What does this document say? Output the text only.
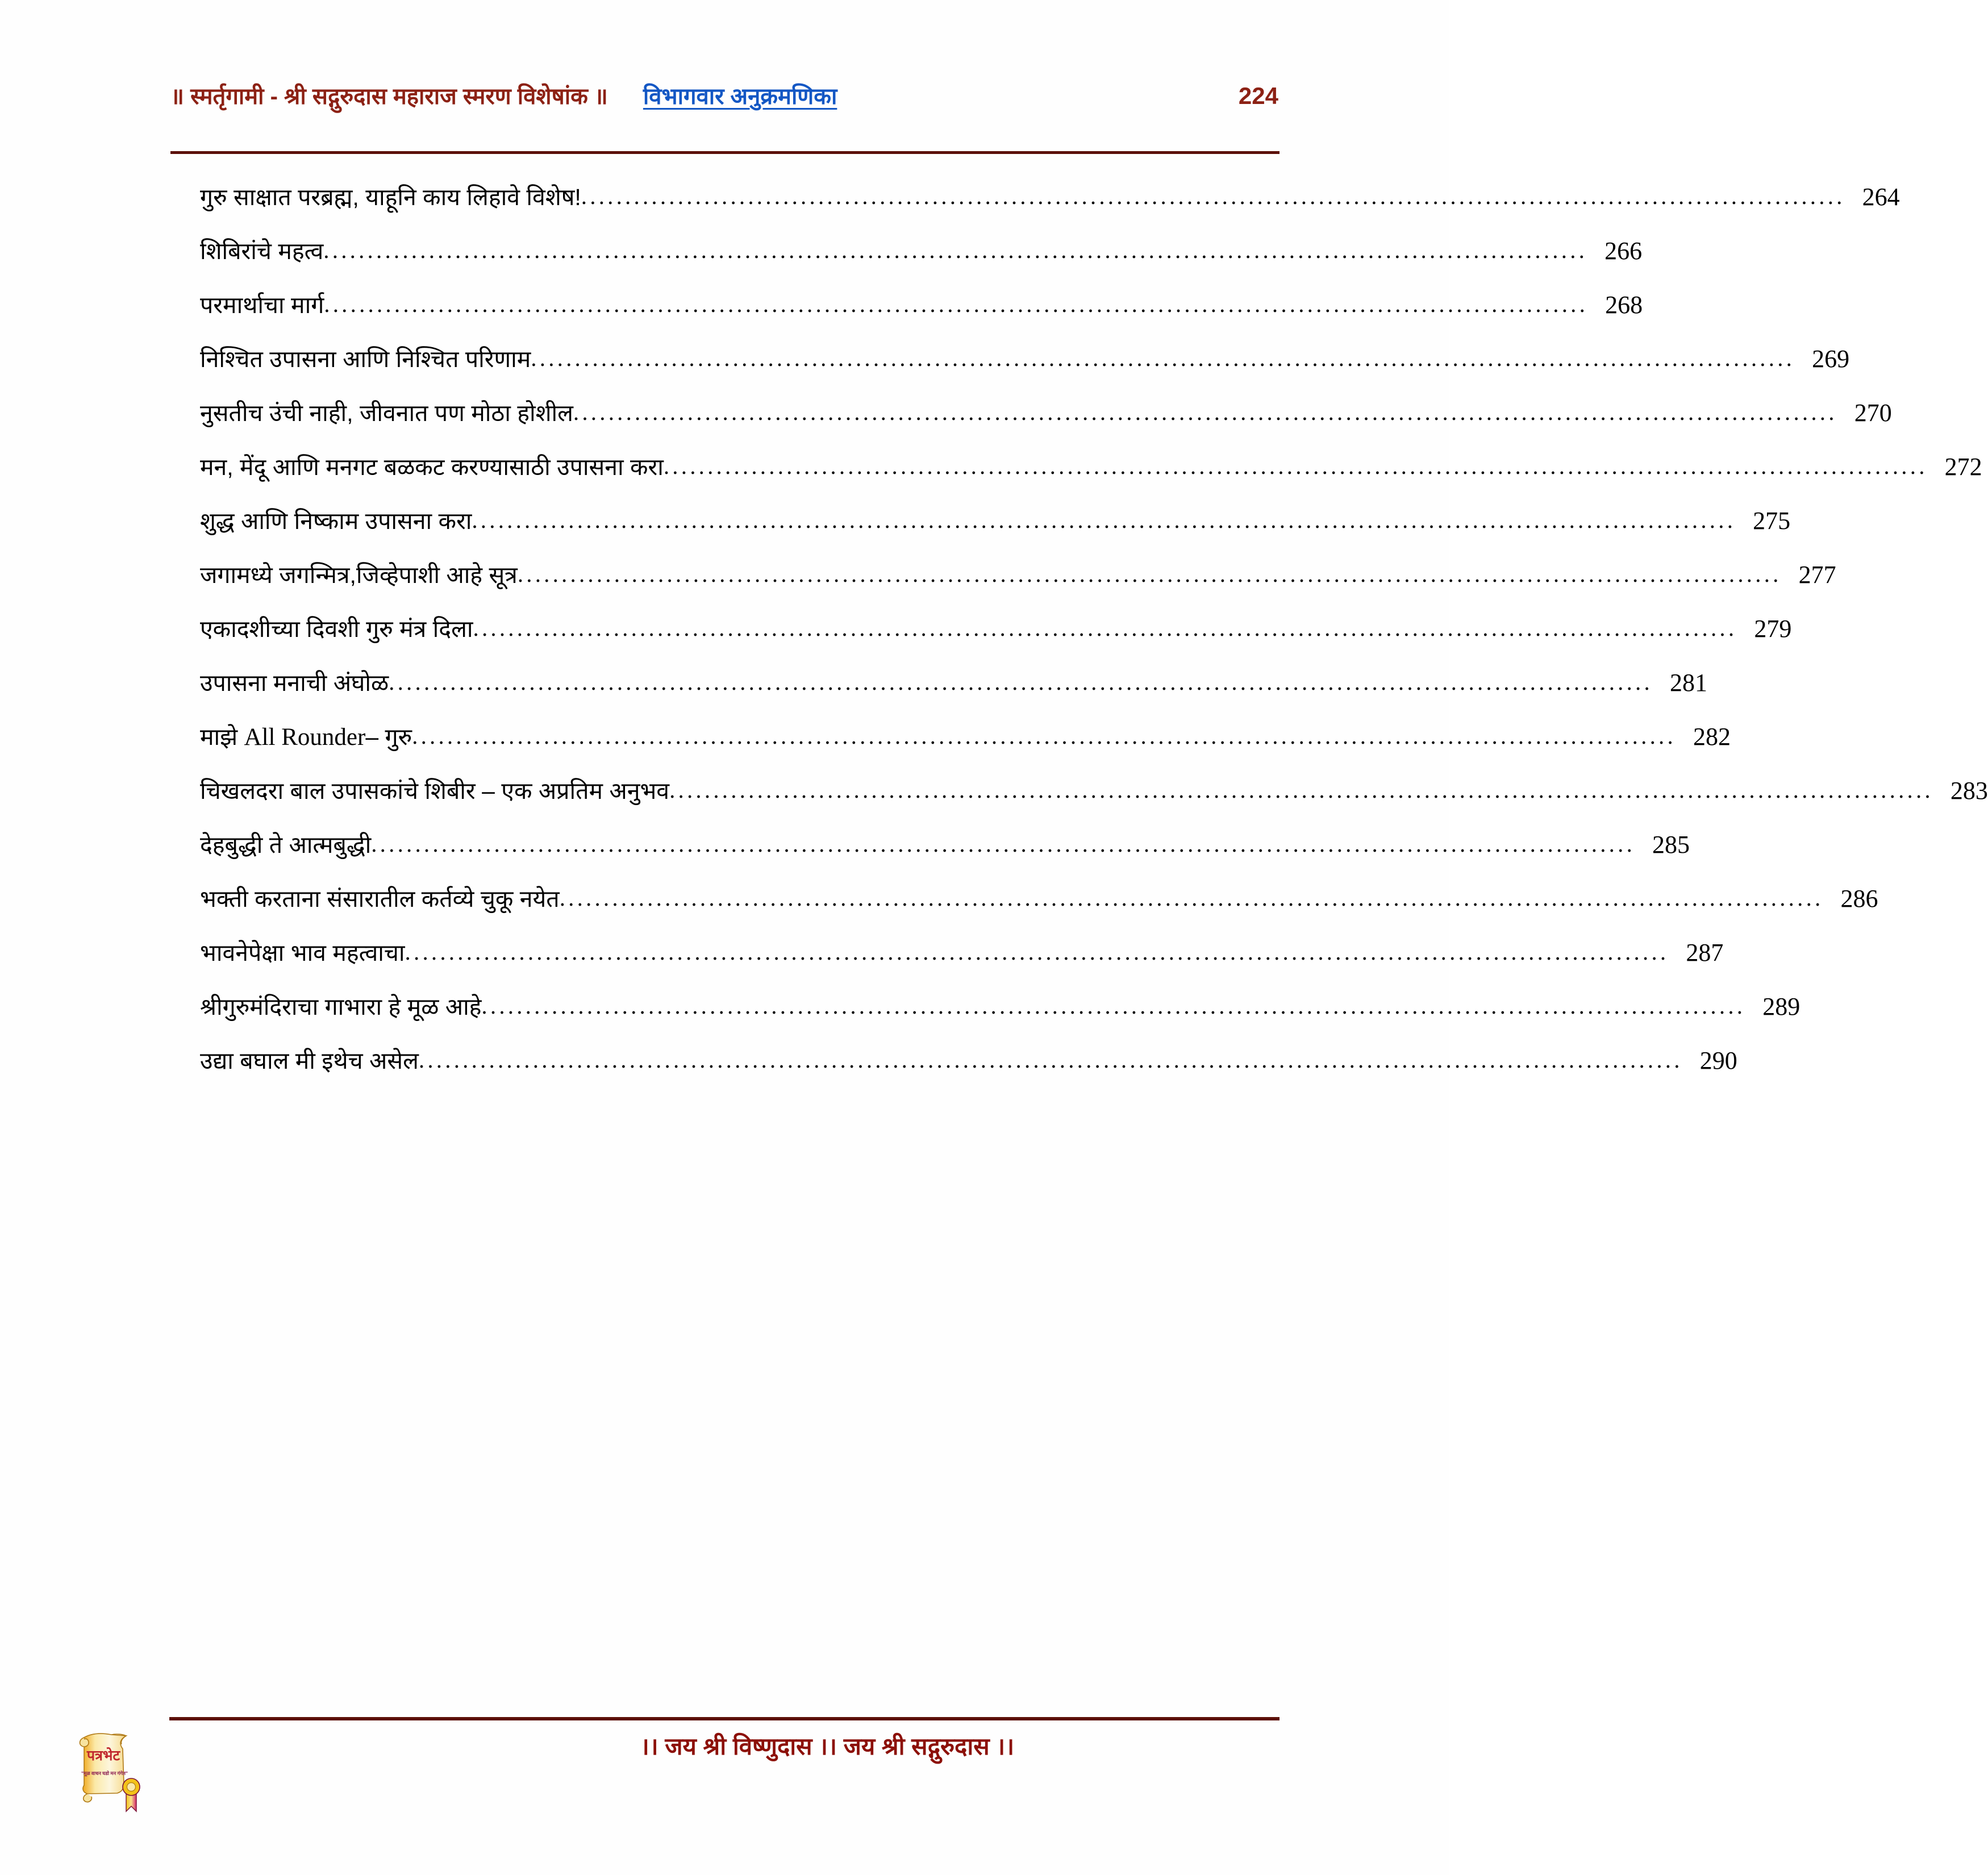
॥ स्मर्तृगामी - श्री सद्गुरुदास महाराज स्मरण विशेषांक ॥ विभागवार अनुक्रमणिका	224
गुरु साक्षात परब्रह्म, याहूनि काय लिहावे विशेष! ................................................................................................................................................ 264
शिबिरांचे महत्व ................................................................................................................................................ 266
परमार्थाचा मार्ग ................................................................................................................................................ 268
निश्चित उपासना आणि निश्चित परिणाम ................................................................................................................................................ 269
नुसतीच उंची नाही, जीवनात पण मोठा होशील ................................................................................................................................................ 270
मन, मेंदू आणि मनगट बळकट करण्यासाठी उपासना करा ................................................................................................................................................ 272
शुद्ध आणि निष्काम उपासना करा ................................................................................................................................................ 275
जगामध्ये जगन्मित्र,जिव्हेपाशी आहे सूत्र ................................................................................................................................................ 277
एकादशीच्या दिवशी गुरु मंत्र दिला ................................................................................................................................................ 279
उपासना मनाची अंघोळ ................................................................................................................................................ 281
माझे All Rounder– गुरु ................................................................................................................................................ 282
चिखलदरा बाल उपासकांचे शिबीर – एक अप्रतिम अनुभव ................................................................................................................................................ 283
देहबुद्धी ते आत्मबुद्धी ................................................................................................................................................ 285
भक्ती करताना संसारातील कर्तव्ये चुकू नयेत ................................................................................................................................................ 286
भावनेपेक्षा भाव महत्वाचा ................................................................................................................................................ 287
श्रीगुरुमंदिराचा गाभारा हे मूळ आहे ................................................................................................................................................ 289
उद्या बघाल मी इथेच असेल ................................................................................................................................................ 290
।। जय श्री विष्णुदास ।। जय श्री सद्गुरुदास ।।
पत्रभेट
"मूळ वाचन घडो मन गंगेत"
